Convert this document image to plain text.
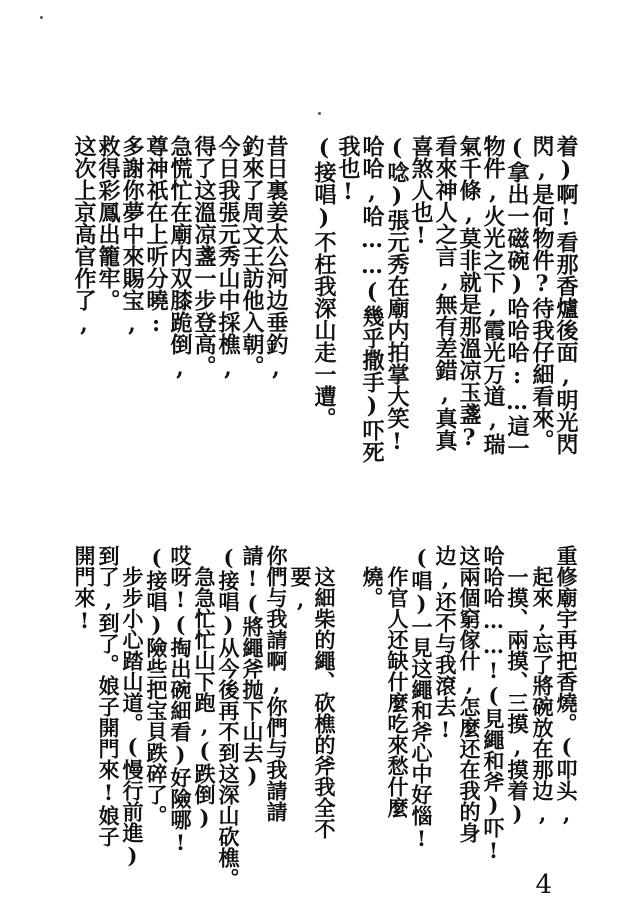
着)啊!看那香爐後面,明光閃
閃,是何物件?待我仔細看來。
(拿出一磁碗)哈哈哈:…這一
物件,火光之下,霞光万道,瑞
氣千條,莫非就是那溫凉玉盞?
看來神人之言,無有差錯,真真
喜煞人也!
(唸)張元秀在廟内拍掌大笑!
哈哈,哈……(幾乎撒手)吓死
我也!
(接唱)不枉我深山走一遭。
昔日裏姜太公河边垂釣,
釣來了周文王訪他入朝。
今日我張元秀山中採樵,
得了这溫凉盞一步登高。
急慌忙在廟内双膝跪倒,
尊神祇在上听分曉:
多謝你夢中來賜宝,
救得彩鳳出籠牢。
这次上京高官作了,
重修廟宇再把香燒。(叩头,
起來,忘了將碗放在那边,
一摸、兩摸、三摸,摸着)
哈哈哈……!(見繩和斧)吓!
这兩個窮傢什,怎麼还在我的身
边,还不与我滾去!
(唱)一見这繩和斧心中好惱!
作官人还缺什麼吃來愁什麼
燒。
这細柴的繩、砍樵的斧我全不
要,
你們与我請啊,你們与我請請
請!(將繩斧抛下山去)
(接唱)从今後再不到这深山砍樵。
急急忙忙山下跑,(跌倒)
哎呀!(掏出碗細看)好險哪!
(接唱)險些把宝貝跌碎了。
步步小心踏山道。(慢行前進)
到了,到了。娘子開門來!娘子
開門來!
4
